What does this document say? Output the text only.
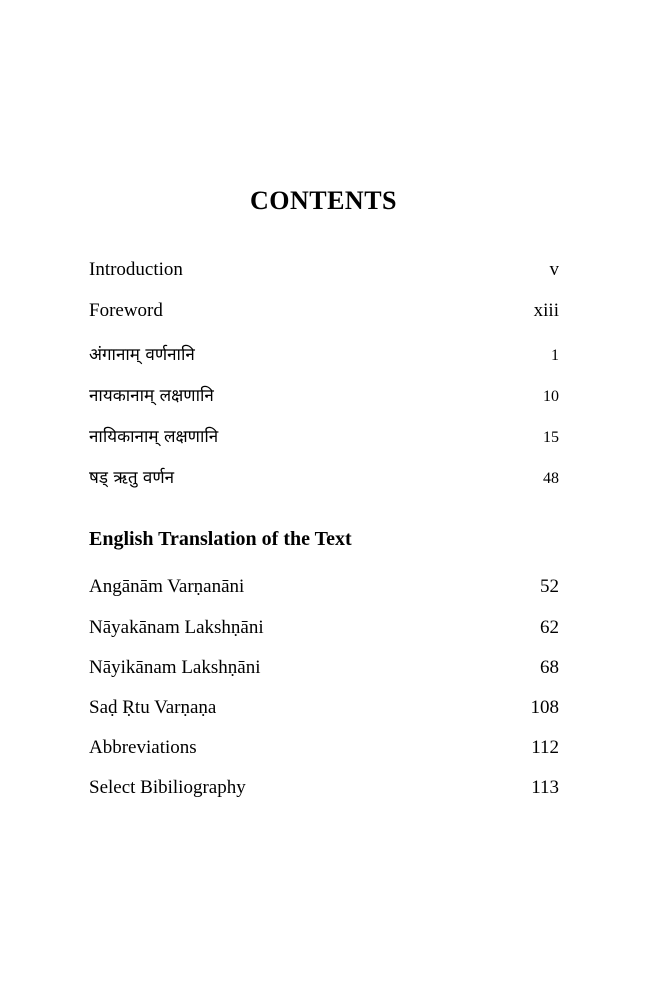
CONTENTS
Introduction	v
Foreword	xiii
अंगानाम् वर्णनानि	1
नायकानाम् लक्षणानि	10
नायिकानाम् लक्षणानि	15
षड् ऋतु वर्णन	48
English Translation of the Text
Angānām Varṇanāni	52
Nāyakānam Lakshṇāni	62
Nāyikānam Lakshṇāni	68
Saḍ Ṛtu Varṇaṇa	108
Abbreviations	112
Select Bibiliography	113
